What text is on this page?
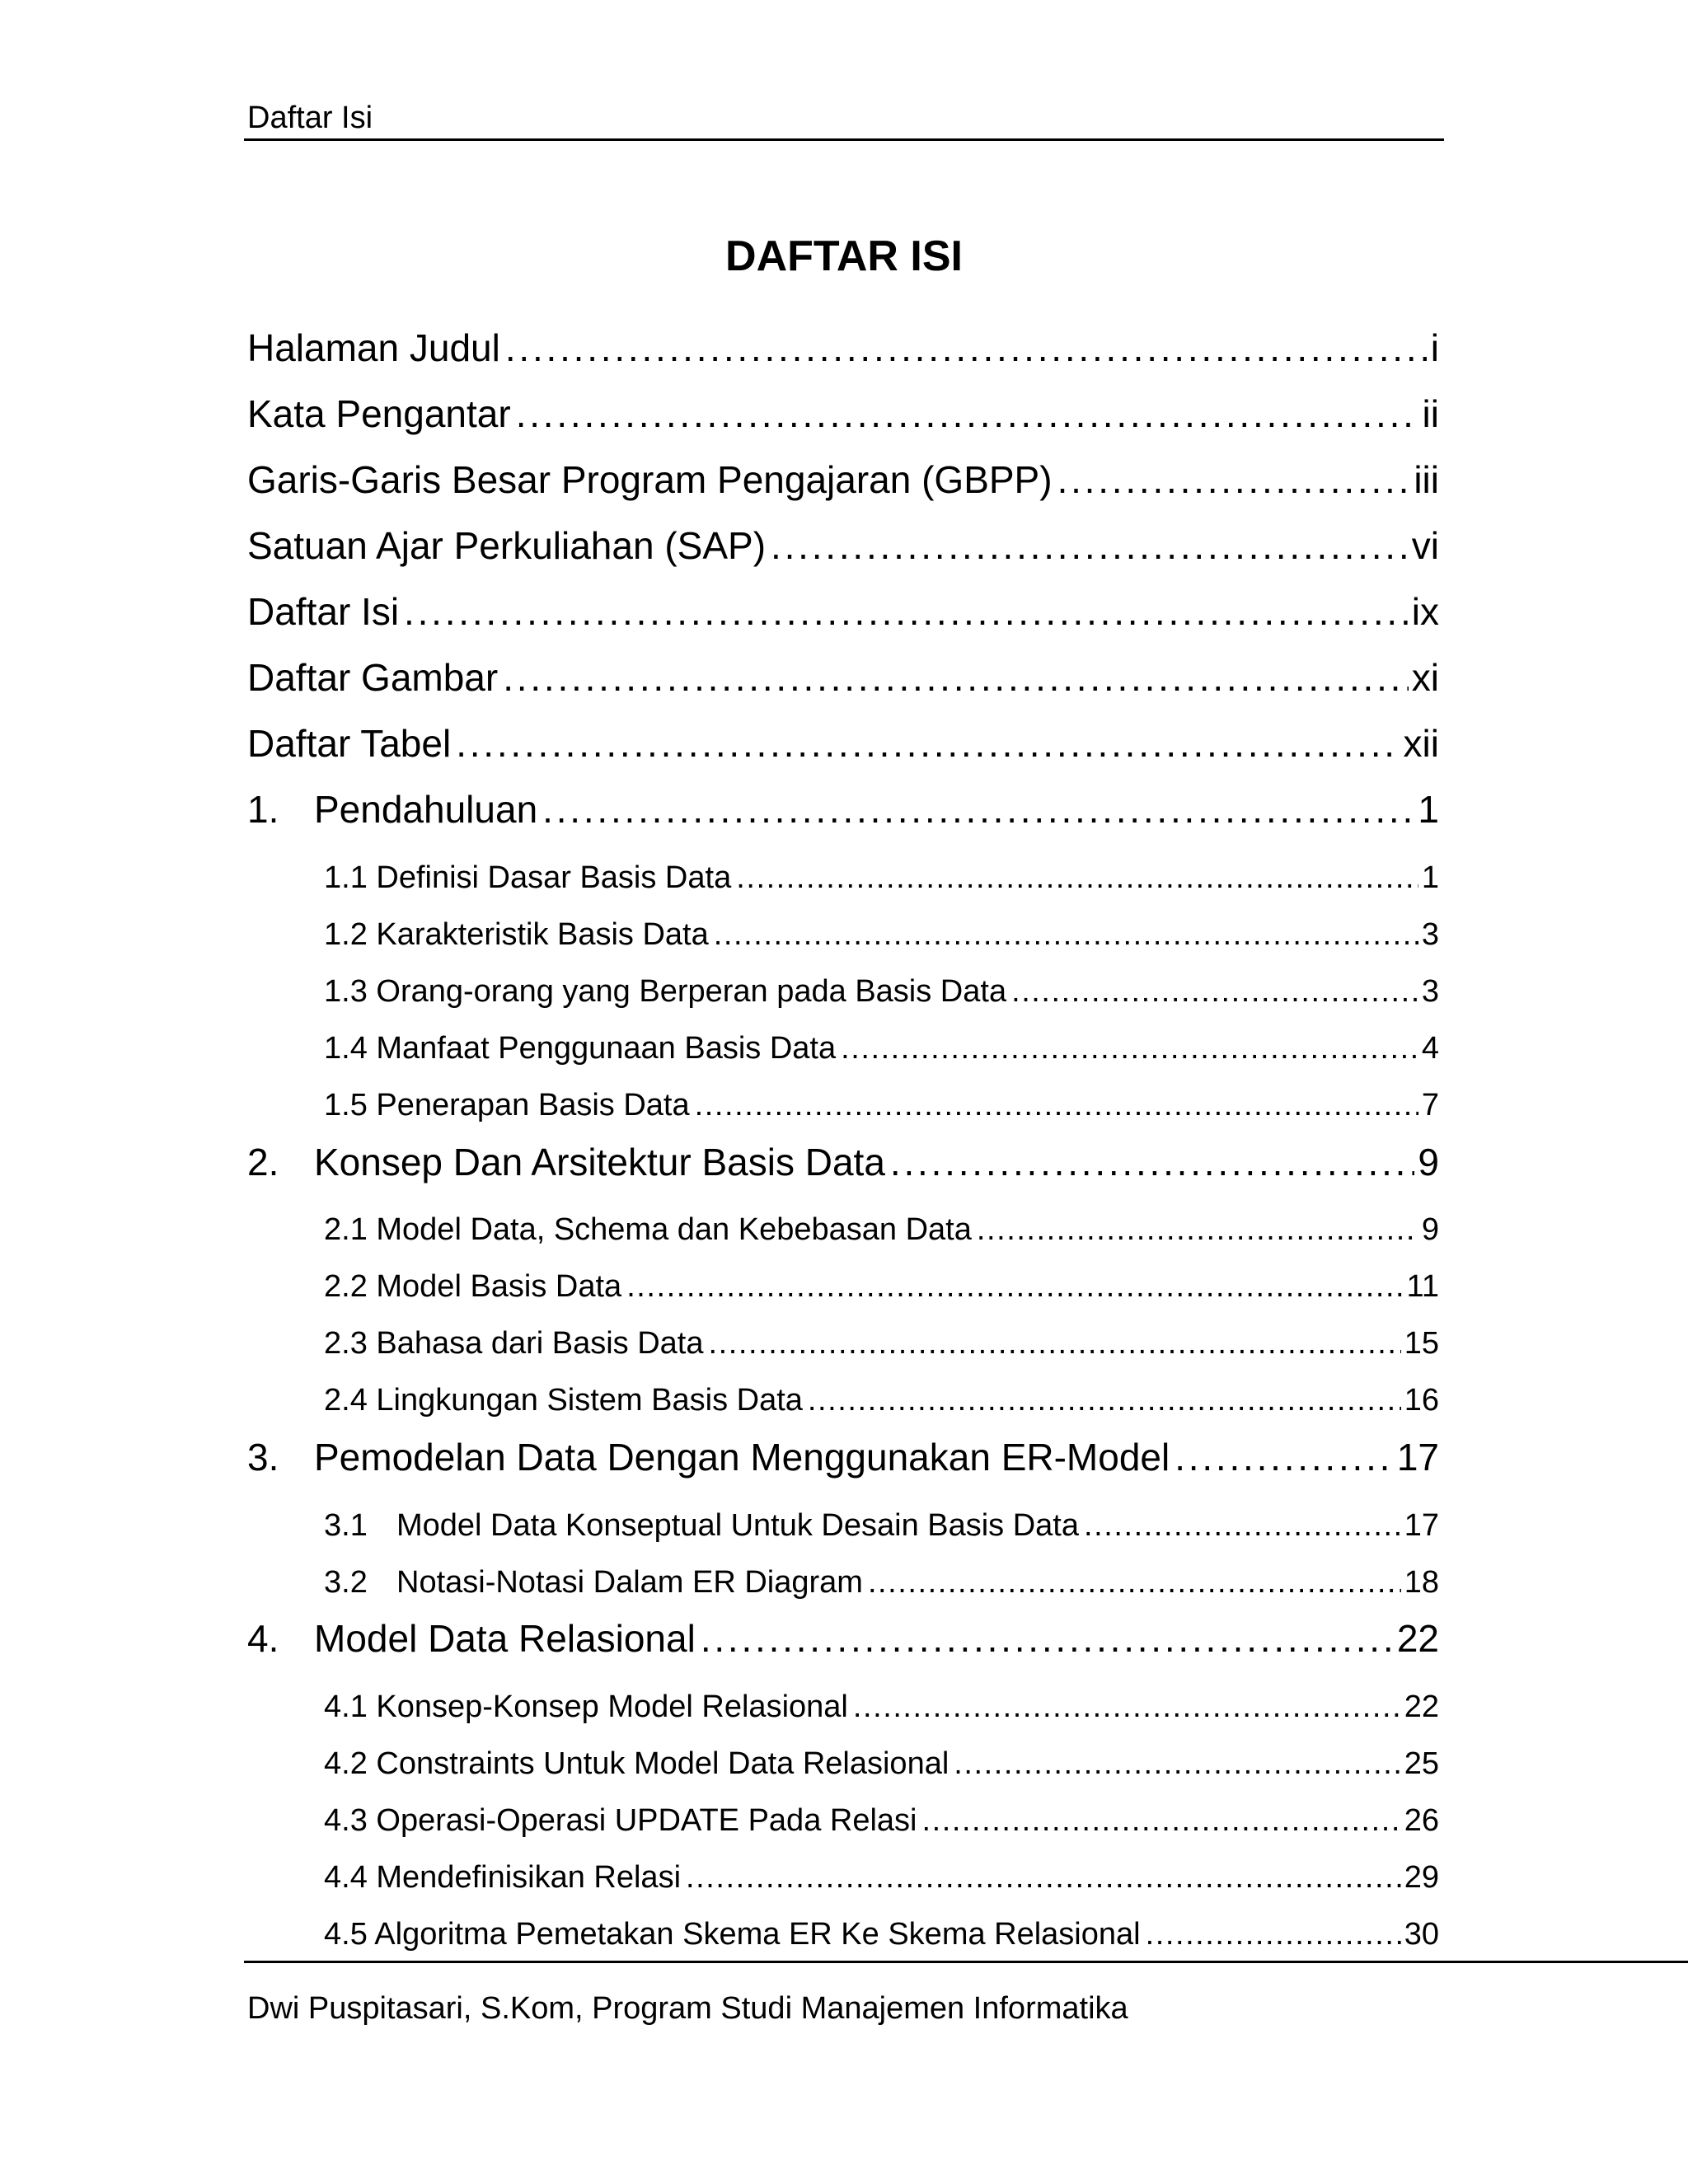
Daftar Isi
DAFTAR ISI
Halaman Judul . . .	i
Kata Pengantar . . .	ii
Garis-Garis Besar Program Pengajaran (GBPP) . . .	iii
Satuan Ajar Perkuliahan (SAP) . . .	vi
Daftar Isi . . .	ix
Daftar Gambar . . .	xi
Daftar Tabel . . .	xii
1. Pendahuluan . . .	1
1.1 Definisi Dasar Basis Data . . .	1
1.2 Karakteristik Basis Data . . .	3
1.3 Orang-orang yang Berperan pada Basis Data . . .	3
1.4 Manfaat Penggunaan Basis Data . . .	4
1.5 Penerapan Basis Data . . .	7
2. Konsep Dan Arsitektur Basis Data . . .	9
2.1 Model Data, Schema dan Kebebasan Data . . .	9
2.2 Model Basis Data . . .	11
2.3 Bahasa dari Basis Data . . .	15
2.4 Lingkungan Sistem Basis Data . . .	16
3. Pemodelan Data Dengan Menggunakan ER-Model . . .	17
3.1 Model Data Konseptual Untuk Desain Basis Data . . .	17
3.2 Notasi-Notasi Dalam ER Diagram . . .	18
4. Model Data Relasional . . .	22
4.1 Konsep-Konsep Model Relasional . . .	22
4.2 Constraints Untuk Model Data Relasional . . .	25
4.3 Operasi-Operasi UPDATE Pada Relasi . . .	26
4.4 Mendefinisikan Relasi . . .	29
4.5 Algoritma Pemetakan Skema ER Ke Skema Relasional . . .	30
Dwi Puspitasari, S.Kom, Program Studi Manajemen Informatika
